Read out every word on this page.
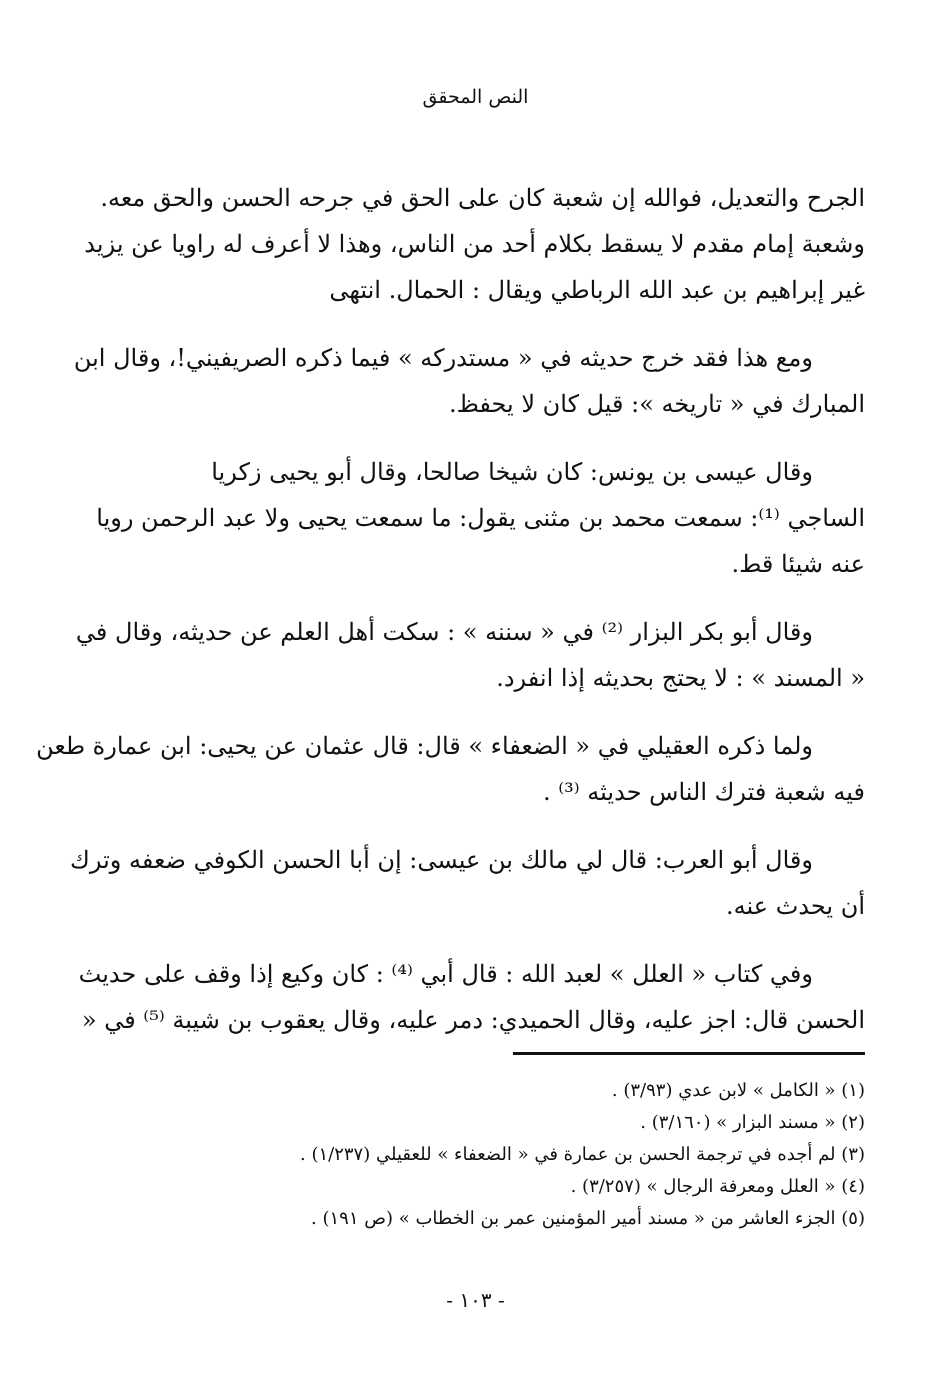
النص المحقق

الجرح والتعديل، فوالله إن شعبة كان على الحق في جرحه الحسن والحق معه.
وشعبة إمام مقدم لا يسقط بكلام أحد من الناس، وهذا لا أعرف له راويا عن يزيد
غير إبراهيم بن عبد الله الرباطي ويقال : الحمال. انتهى

ومع هذا فقد خرج حديثه في « مستدركه » فيما ذكره الصريفيني!، وقال ابن
المبارك في « تاريخه »: قيل كان لا يحفظ.

وقال عيسى بن يونس: كان شيخا صالحا، وقال أبو يحيى زكريا
الساجي ⁽¹⁾: سمعت محمد بن مثنى يقول: ما سمعت يحيى ولا عبد الرحمن رويا
عنه شيئا قط.

وقال أبو بكر البزار ⁽²⁾ في « سننه » : سكت أهل العلم عن حديثه، وقال في
« المسند » : لا يحتج بحديثه إذا انفرد.

ولما ذكره العقيلي في « الضعفاء » قال: قال عثمان عن يحيى: ابن عمارة طعن
فيه شعبة فترك الناس حديثه ⁽³⁾ .

وقال أبو العرب: قال لي مالك بن عيسى: إن أبا الحسن الكوفي ضعفه وترك
أن يحدث عنه.

وفي كتاب « العلل » لعبد الله : قال أبي ⁽⁴⁾ : كان وكيع إذا وقف على حديث
الحسن قال: اجز عليه، وقال الحميدي: دمر عليه، وقال يعقوب بن شيبة ⁽⁵⁾ في «

(١) « الكامل » لابن عدي (٣/٩٣) .
(٢) « مسند البزار » (٣/١٦٠) .
(٣) لم أجده في ترجمة الحسن بن عمارة في « الضعفاء » للعقيلي (١/٢٣٧) .
(٤) « العلل ومعرفة الرجال » (٣/٢٥٧) .
(٥) الجزء العاشر من « مسند أمير المؤمنين عمر بن الخطاب » (ص ١٩١) .
- ١٠٣ -
